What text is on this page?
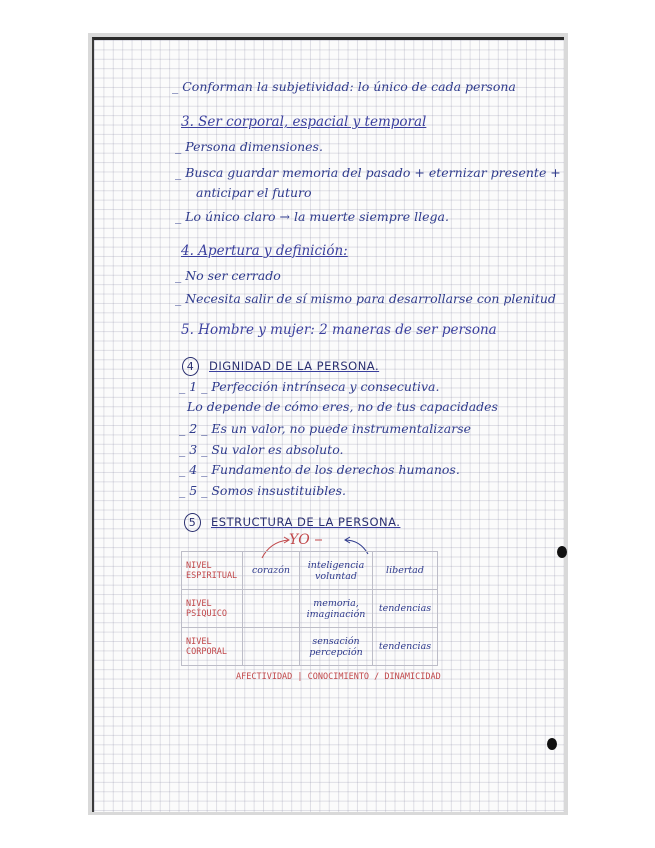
_ Conforman la subjetividad: lo único de cada persona
3. Ser corporal, espacial y temporal
_ Persona dimensiones.
_ Busca guardar memoria del pasado + eternizar presente +
anticipar el futuro
_ Lo único claro → la muerte siempre llega.
4. Apertura y definición:
_ No ser cerrado
_ Necesita salir de sí mismo para desarrollarse con plenitud
5. Hombre y mujer: 2 maneras de ser persona
4 DIGNIDAD DE LA PERSONA.
_ 1 _ Perfección intrínseca y consecutiva.
Lo depende de cómo eres, no de tus capacidades
_ 2 _ Es un valor, no puede instrumentalizarse
_ 3 _ Su valor es absoluto.
_ 4 _ Fundamento de los derechos humanos.
_ 5 _ Somos insustituibles.
5 ESTRUCTURA DE LA PERSONA.
YO
NIVEL ESPIRITUAL	corazón	inteligencia voluntad	libertad
NIVEL PSÍQUICO		memoria, imaginación	tendencias
NIVEL CORPORAL		sensación percepción	tendencias
AFECTIVIDAD | CONOCIMIENTO / DINAMICIDAD
